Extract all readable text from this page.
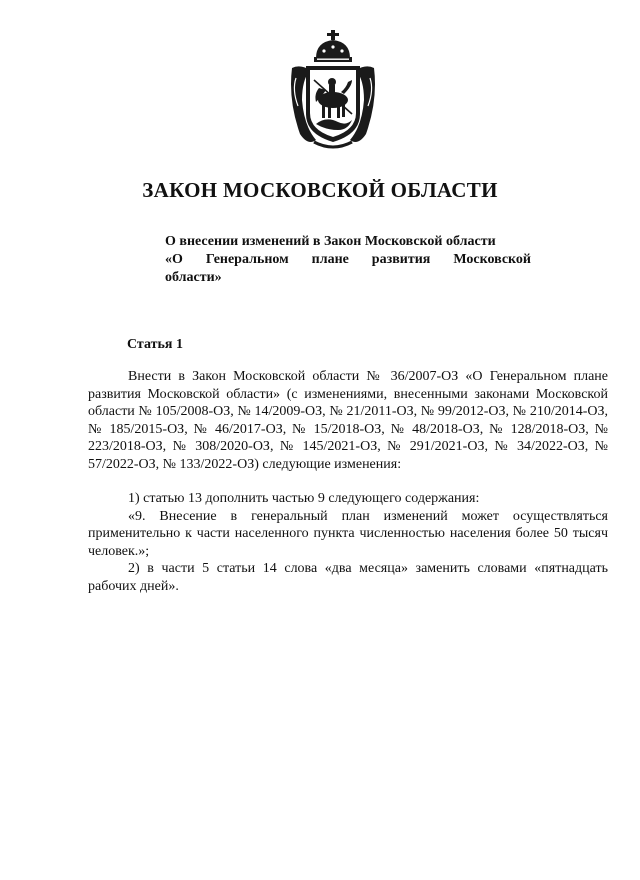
ЗАКОН МОСКОВСКОЙ ОБЛАСТИ
О внесении изменений в Закон Московской области
«О Генеральном плане развития Московской
области»
Статья 1

Внести в Закон Московской области № 36/2007-ОЗ «О Генеральном плане развития Московской области» (с изменениями, внесенными законами Московской области № 105/2008-ОЗ, № 14/2009-ОЗ, № 21/2011-ОЗ, № 99/2012-ОЗ, № 210/2014-ОЗ, № 185/2015-ОЗ, № 46/2017-ОЗ, № 15/2018-ОЗ, № 48/2018-ОЗ, № 128/2018-ОЗ, № 223/2018-ОЗ, № 308/2020-ОЗ, № 145/2021-ОЗ, № 291/2021-ОЗ, № 34/2022-ОЗ, № 57/2022-ОЗ, № 133/2022-ОЗ) следующие изменения:

1) статью 13 дополнить частью 9 следующего содержания:

«9. Внесение в генеральный план изменений может осуществляться применительно к части населенного пункта численностью населения более 50 тысяч человек.»;

2) в части 5 статьи 14 слова «два месяца» заменить словами «пятнадцать рабочих дней».
